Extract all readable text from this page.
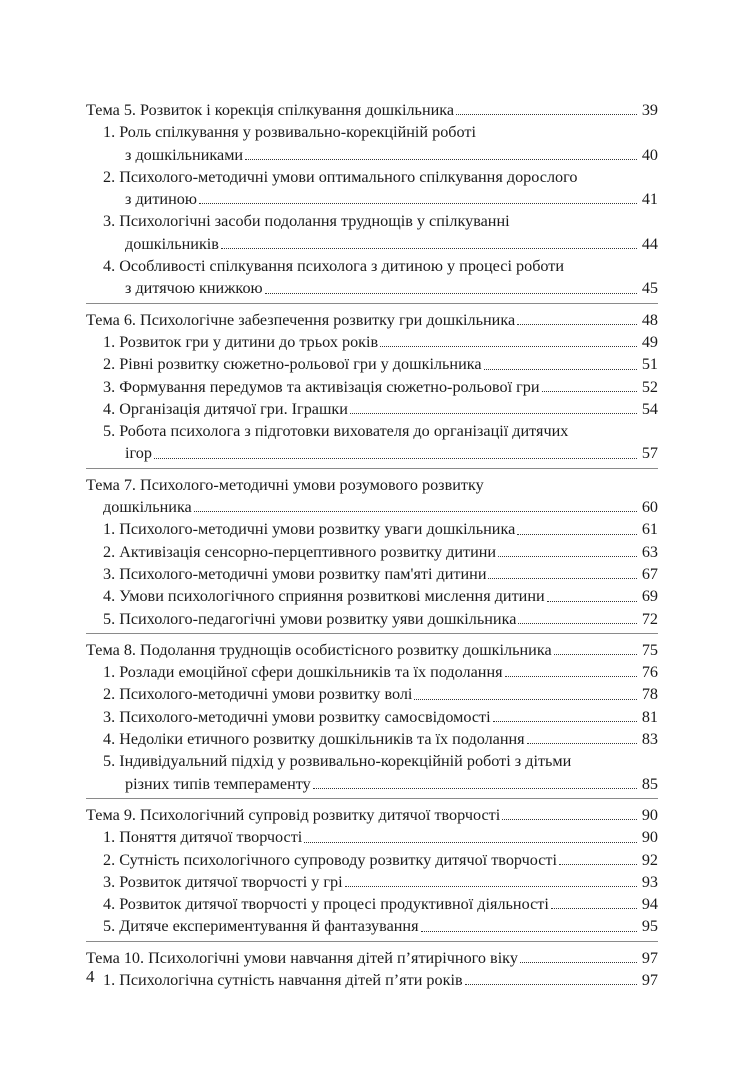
Тема 5. Розвиток і корекція спілкування дошкільника	39
1. Роль спілкування у розвивально-корекційній роботі
з дошкільниками	40
2. Психолого-методичні умови оптимального спілкування дорослого
з дитиною	41
3. Психологічні засоби подолання труднощів у спілкуванні
дошкільників	44
4. Особливості спілкування психолога з дитиною у процесі роботи
з дитячою книжкою	45
Тема 6. Психологічне забезпечення розвитку гри дошкільника	48
1. Розвиток гри у дитини до трьох років	49
2. Рівні розвитку сюжетно-рольової гри у дошкільника	51
3. Формування передумов та активізація сюжетно-рольової гри	52
4. Організація дитячої гри. Іграшки	54
5. Робота психолога з підготовки вихователя до організації дитячих
ігор	57
Тема 7. Психолого-методичні умови розумового розвитку
дошкільника	60
1. Психолого-методичні умови розвитку уваги дошкільника	61
2. Активізація сенсорно-перцептивного розвитку дитини	63
3. Психолого-методичні умови розвитку пам'яті дитини	67
4. Умови психологічного сприяння розвиткові мислення дитини	69
5. Психолого-педагогічні умови розвитку уяви дошкільника	72
Тема 8. Подолання труднощів особистісного розвитку дошкільника	75
1. Розлади емоційної сфери дошкільників та їх подолання	76
2. Психолого-методичні умови розвитку волі	78
3. Психолого-методичні умови розвитку самосвідомості	81
4. Недоліки етичного розвитку дошкільників та їх подолання	83
5. Індивідуальний підхід у розвивально-корекційній роботі з дітьми
різних типів темпераменту	85
Тема 9. Психологічний супровід розвитку дитячої творчості	90
1. Поняття дитячої творчості	90
2. Сутність психологічного супроводу розвитку дитячої творчості	92
3. Розвиток дитячої творчості у грі	93
4. Розвиток дитячої творчості у процесі продуктивної діяльності	94
5. Дитяче експериментування й фантазування	95
Тема 10. Психологічні умови навчання дітей п’ятирічного віку	97
1. Психологічна сутність навчання дітей п’яти років	97
4
